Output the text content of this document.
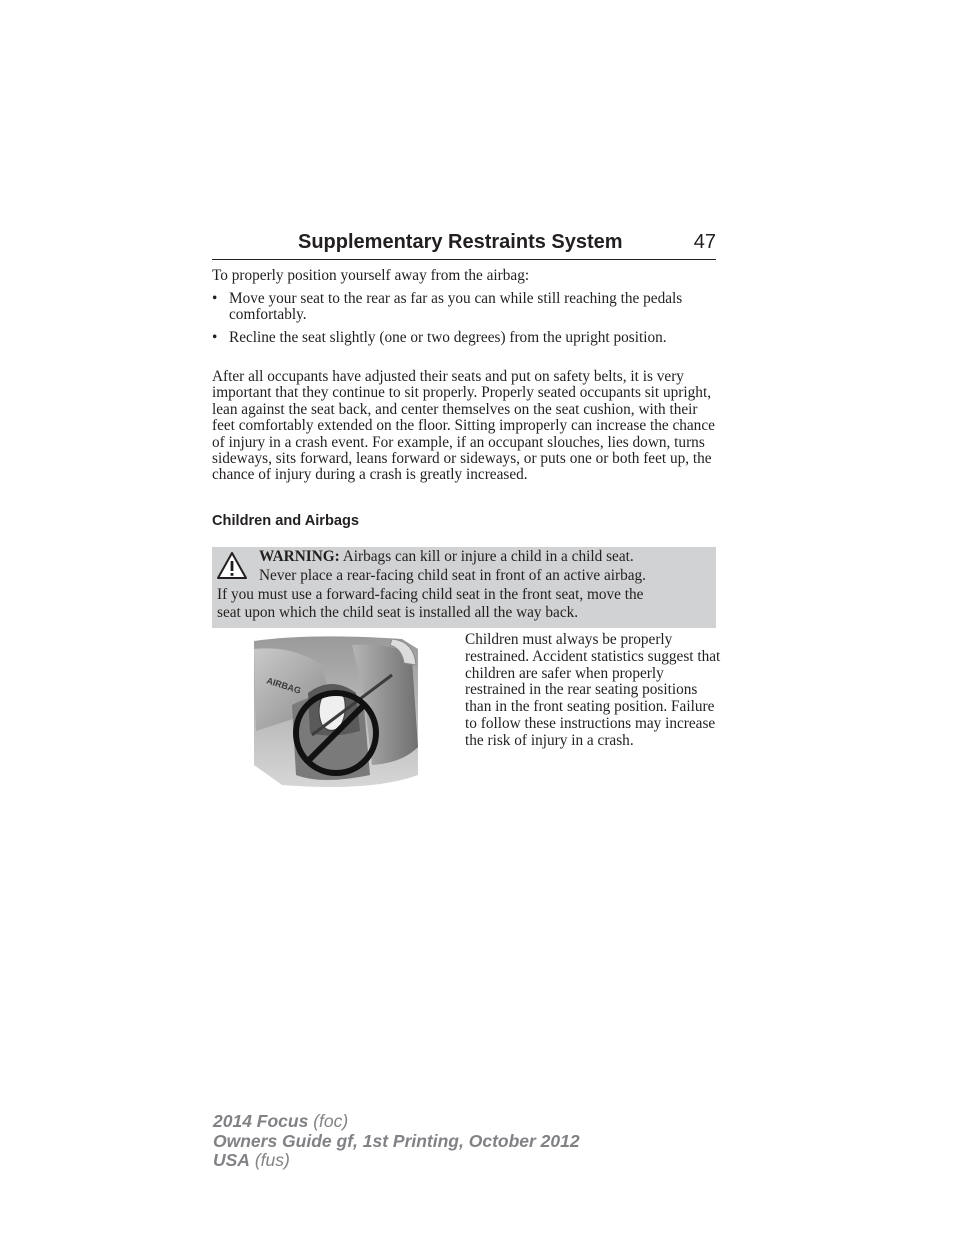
Supplementary Restraints System	47
To properly position yourself away from the airbag:
• Move your seat to the rear as far as you can while still reaching the pedals comfortably.
• Recline the seat slightly (one or two degrees) from the upright position.
After all occupants have adjusted their seats and put on safety belts, it is very important that they continue to sit properly. Properly seated occupants sit upright, lean against the seat back, and center themselves on the seat cushion, with their feet comfortably extended on the floor. Sitting improperly can increase the chance of injury in a crash event. For example, if an occupant slouches, lies down, turns sideways, sits forward, leans forward or sideways, or puts one or both feet up, the chance of injury during a crash is greatly increased.
Children and Airbags
WARNING: Airbags can kill or injure a child in a child seat.
Never place a rear-facing child seat in front of an active airbag.
If you must use a forward-facing child seat in the front seat, move the
seat upon which the child seat is installed all the way back.
AIRBAG
Children must always be properly restrained. Accident statistics suggest that children are safer when properly restrained in the rear seating positions than in the front seating position. Failure to follow these instructions may increase the risk of injury in a crash.
2014 Focus (foc)
Owners Guide gf, 1st Printing, October 2012
USA (fus)
